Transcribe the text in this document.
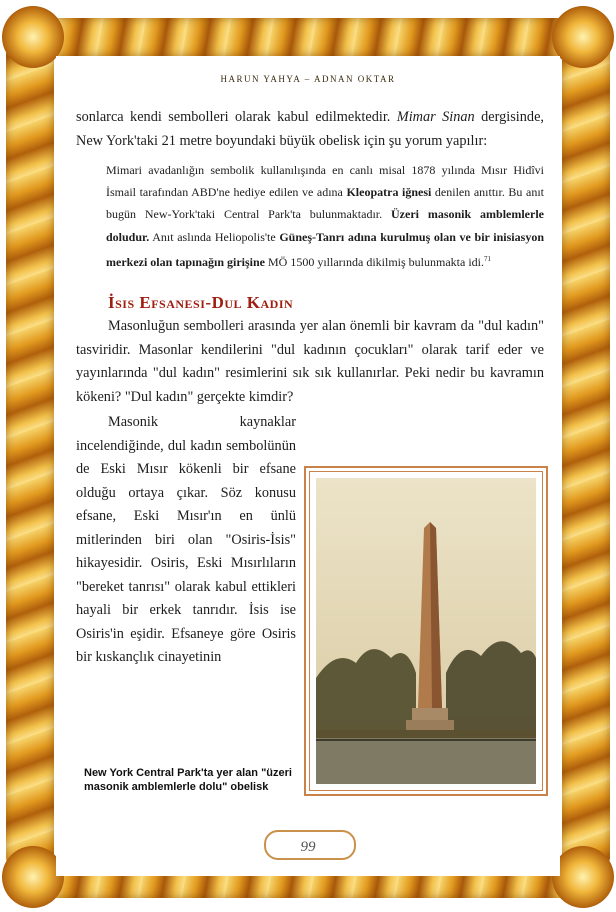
HARUN YAHYA – ADNAN OKTAR

sonlarca kendi sembolleri olarak kabul edilmektedir. Mimar Sinan dergisinde, New York'taki 21 metre boyundaki büyük obelisk için şu yorum yapılır:

Mimari avadanlığın sembolik kullanılışında en canlı misal 1878 yılında Mısır Hidîvi İsmail tarafından ABD'ne hediye edilen ve adına Kleopatra iğnesi denilen anıttır. Bu anıt bugün New-York'taki Central Park'ta bulunmaktadır. Üzeri masonik amblemlerle doludur. Anıt aslında Heliopolis'te Güneş-Tanrı adına kurulmuş olan ve bir inisiasyon merkezi olan tapınağın girişine MÖ 1500 yıllarında dikilmiş bulunmakta idi.$^{71}$
İsis Efsanesi-Dul Kadın

Masonluğun sembolleri arasında yer alan önemli bir kavram da "dul kadın" tasviridir. Masonlar kendilerini "dul kadının çocukları" olarak tarif eder ve yayınlarında "dul kadın" resimlerini sık sık kullanırlar. Peki nedir bu kavramın kökeni? "Dul kadın" gerçekte kimdir?

Masonik kaynaklar incelendiğinde, dul kadın sembolünün de Eski Mısır kökenli bir efsane olduğu ortaya çıkar. Söz konusu efsane, Eski Mısır'ın en ünlü mitlerinden biri olan "Osiris-İsis" hikayesidir. Osiris, Eski Mısırlıların "bereket tanrısı" olarak kabul ettikleri hayali bir erkek tanrıdır. İsis ise Osiris'in eşidir. Efsaneye göre Osiris bir kıskançlık cinayetinin

New York Central Park'ta yer alan "üzeri masonik amblemlerle dolu" obelisk
99
